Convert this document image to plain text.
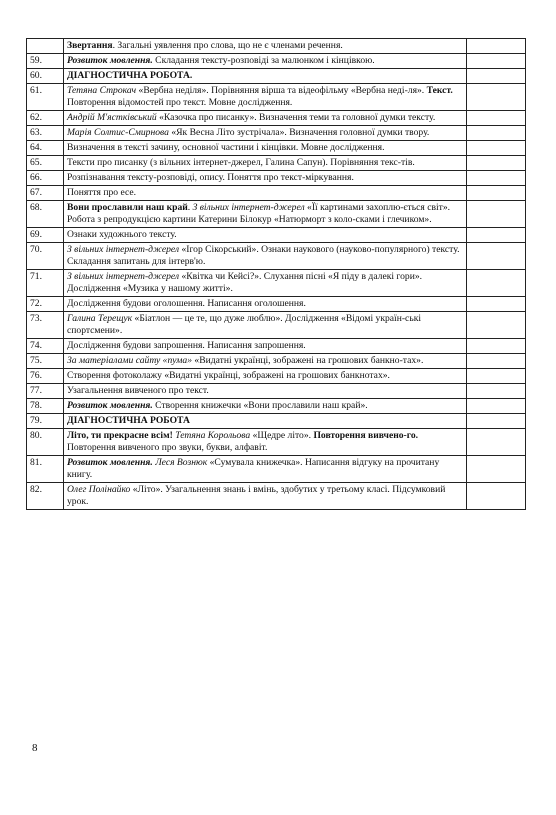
	Звертання. Загальні уявлення про слова, що не є членами речення.	
59.	Розвиток мовлення. Складання тексту-розповіді за малюнком і кінцівкою.	
60.	ДІАГНОСТИЧНА РОБОТА.	
61.	Тетяна Строкач «Вербна неділя». Порівняння вірша та відеофільму «Вербна неді-ля». Текст. Повторення відомостей про текст. Мовне дослідження.	
62.	Андрій М'ястківський «Казочка про писанку». Визначення теми та головної думки тексту.	
63.	Марія Солтис-Смирнова «Як Весна Літо зустрічала». Визначення головної думки твору.	
64.	Визначення в тексті зачину, основної частини і кінцівки. Мовне дослідження.	
65.	Тексти про писанку (з вільних інтернет-джерел, Галина Сапун). Порівняння текс-тів.	
66.	Розпізнавання тексту-розповіді, опису. Поняття про текст-міркування.	
67.	Поняття про есе.	
68.	Вони прославили наш край. З вільних інтернет-джерел «Її картинами захоплю-ється світ». Робота з репродукцією картини Катерини Білокур «Натюрморт з коло-сками і глечиком».	
69.	Ознаки художнього тексту.	
70.	З вільних інтернет-джерел «Ігор Сікорський». Ознаки наукового (науково-популярного) тексту. Складання запитань для інтерв'ю.	
71.	З вільних інтернет-джерел «Квітка чи Кейсі?». Слухання пісні «Я піду в далекі гори». Дослідження «Музика у нашому житті».	
72.	Дослідження будови оголошення. Написання оголошення.	
73.	Галина Терещук «Біатлон — це те, що дуже люблю». Дослідження «Відомі україн-ські спортсмени».	
74.	Дослідження будови запрошення. Написання запрошення.	
75.	За матеріалами сайту «пума» «Видатні українці, зображені на грошових банкно-тах».	
76.	Створення фотоколажу «Видатні українці, зображені на грошових банкнотах».	
77.	Узагальнення вивченого про текст.	
78.	Розвиток мовлення. Створення книжечки «Вони прославили наш край».	
79.	ДІАГНОСТИЧНА РОБОТА	
80.	Літо, ти прекрасне всім! Тетяна Корольова «Щедре літо». Повторення вивчено-го. Повторення вивченого про звуки, букви, алфавіт.	
81.	Розвиток мовлення. Леся Вознюк «Сумувала книжечка». Написання відгуку на прочитану книгу.	
82.	Олег Полінайко «Літо». Узагальнення знань і вмінь, здобутих у третьому класі. Підсумковий урок.	
8
